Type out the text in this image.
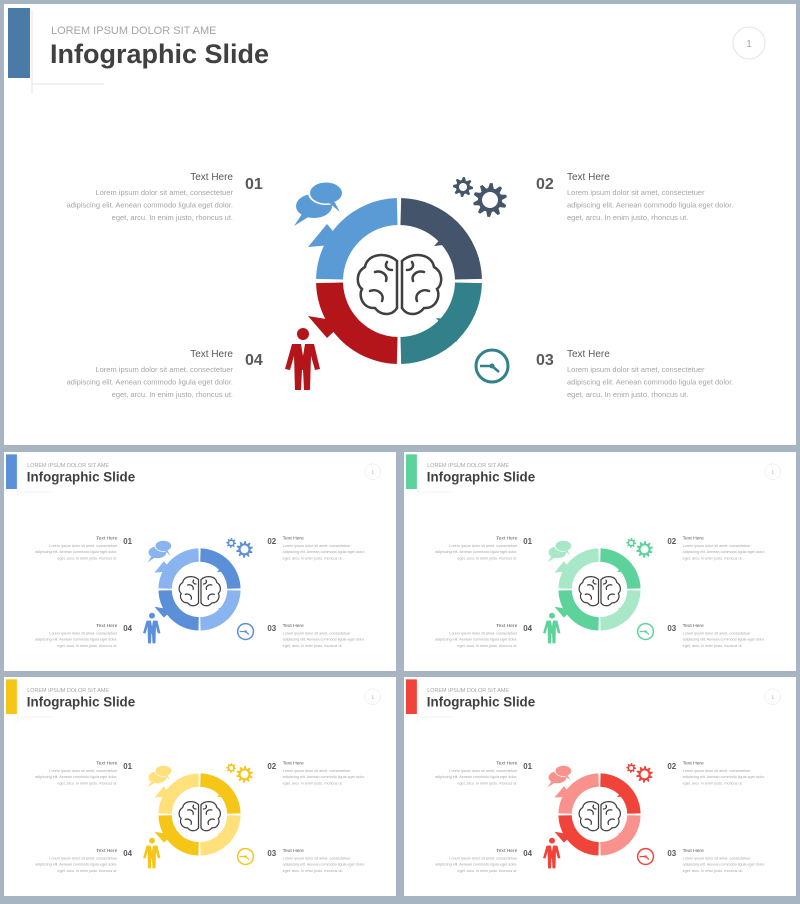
LOREM IPSUM DOLOR SIT AME
Infographic Slide	1
01
Text Here
Lorem ipsum dolor sit amet, consectetuer
adipiscing elit. Aenean commodo ligula eget dolor.
eget, arcu. In enim justo, rhoncus ut.
02 Text Here
Lorem ipsum dolor sit amet, consectetuer
adipiscing elit. Aenean commodo ligula eget dolor.
eget, arcu. In enim justo, rhoncus ut.
03 Text Here
Lorem ipsum dolor sit amet, consectetuer
adipiscing elit. Aenean commodo ligula eget dolor.
eget, arcu. In enim justo, rhoncus ut.
04
Text Here
Lorem ipsum dolor sit amet, consectetuer
adipiscing elit. Aenean commodo ligula eget dolor.
eget, arcu. In enim justo, rhoncus ut.
LOREM IPSUM DOLOR SIT AME
Infographic Slide	1
01
Text Here
Lorem ipsum dolor sit amet, consectetuer
adipiscing elit. Aenean commodo ligula eget dolor.
eget, arcu. In enim justo, rhoncus ut.
02 Text Here
Lorem ipsum dolor sit amet, consectetuer
adipiscing elit. Aenean commodo ligula eget dolor.
eget, arcu. In enim justo, rhoncus ut.
03 Text Here
Lorem ipsum dolor sit amet, consectetuer
adipiscing elit. Aenean commodo ligula eget dolor.
eget, arcu. In enim justo, rhoncus ut.
04
Text Here
Lorem ipsum dolor sit amet, consectetuer
adipiscing elit. Aenean commodo ligula eget dolor.
eget, arcu. In enim justo, rhoncus ut.
LOREM IPSUM DOLOR SIT AME
Infographic Slide	1
01
Text Here
Lorem ipsum dolor sit amet, consectetuer
adipiscing elit. Aenean commodo ligula eget dolor.
eget, arcu. In enim justo, rhoncus ut.
02 Text Here
Lorem ipsum dolor sit amet, consectetuer
adipiscing elit. Aenean commodo ligula eget dolor.
eget, arcu. In enim justo, rhoncus ut.
03 Text Here
Lorem ipsum dolor sit amet, consectetuer
adipiscing elit. Aenean commodo ligula eget dolor.
eget, arcu. In enim justo, rhoncus ut.
04
Text Here
Lorem ipsum dolor sit amet, consectetuer
adipiscing elit. Aenean commodo ligula eget dolor.
eget, arcu. In enim justo, rhoncus ut.
LOREM IPSUM DOLOR SIT AME
Infographic Slide	1
01
Text Here
Lorem ipsum dolor sit amet, consectetuer
adipiscing elit. Aenean commodo ligula eget dolor.
eget, arcu. In enim justo, rhoncus ut.
02 Text Here
Lorem ipsum dolor sit amet, consectetuer
adipiscing elit. Aenean commodo ligula eget dolor.
eget, arcu. In enim justo, rhoncus ut.
03 Text Here
Lorem ipsum dolor sit amet, consectetuer
adipiscing elit. Aenean commodo ligula eget dolor.
eget, arcu. In enim justo, rhoncus ut.
04
Text Here
Lorem ipsum dolor sit amet, consectetuer
adipiscing elit. Aenean commodo ligula eget dolor.
eget, arcu. In enim justo, rhoncus ut.
LOREM IPSUM DOLOR SIT AME
Infographic Slide	1
01
Text Here
Lorem ipsum dolor sit amet, consectetuer
adipiscing elit. Aenean commodo ligula eget dolor.
eget, arcu. In enim justo, rhoncus ut.
02 Text Here
Lorem ipsum dolor sit amet, consectetuer
adipiscing elit. Aenean commodo ligula eget dolor.
eget, arcu. In enim justo, rhoncus ut.
03 Text Here
Lorem ipsum dolor sit amet, consectetuer
adipiscing elit. Aenean commodo ligula eget dolor.
eget, arcu. In enim justo, rhoncus ut.
04
Text Here
Lorem ipsum dolor sit amet, consectetuer
adipiscing elit. Aenean commodo ligula eget dolor.
eget, arcu. In enim justo, rhoncus ut.
